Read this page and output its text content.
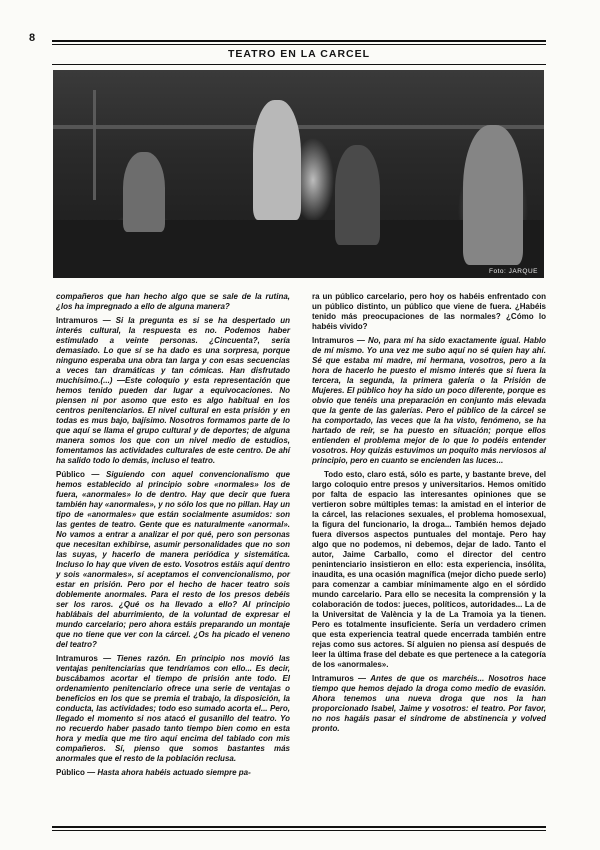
8
TEATRO EN LA CARCEL
Foto: JARQUE

compañeros que han hecho algo que se sale de la rutina, ¿los ha impregnado a ello de alguna manera?

Intramuros — Si la pregunta es si se ha despertado un interés cultural, la respuesta es no. Podemos haber estimulado a veinte personas. ¿Cincuenta?, sería demasiado. Lo que sí se ha dado es una sorpresa, porque ninguno esperaba una obra tan larga y con esas secuencias a veces tan dramáticas y tan cómicas. Han disfrutado muchísimo.(...) —Este coloquio y esta representación que hemos tenido pueden dar lugar a equivocaciones. No piensen ni por asomo que esto es algo habitual en los centros penitenciarios. El nivel cultural en esta prisión y en todas es mus bajo, bajísimo. Nosotros formamos parte de lo que aquí se llama el grupo cultural y de deportes; de alguna manera somos los que con un nivel medio de estudios, fomentamos las actividades culturales de este centro. De ahí ha salido todo lo demás, incluso el teatro.

Público — Siguiendo con aquel convencionalismo que hemos establecido al principio sobre «normales» los de fuera, «anormales» lo de dentro. Hay que decir que fuera también hay «anormales», y no sólo los que no pillan. Hay un tipo de «anormales» que están socialmente asumidos: son las gentes de teatro. Gente que es naturalmente «anormal». No vamos a entrar a analizar el por qué, pero son personas que necesitan exhibirse, asumir personalidades que no son las suyas, y hacerlo de manera periódica y sistemática. Incluso lo hay que viven de esto. Vosotros estáis aquí dentro y sois «anormales», sí aceptamos el convencionalismo, por estar en prisión. Pero por el hecho de hacer teatro sois doblemente anormales. Para el resto de los presos debéis ser los raros. ¿Qué os ha llevado a ello? Al principio hablábais del aburrimiento, de la voluntad de expresar el mundo carcelario; pero ahora estáis preparando un montaje que no tiene que ver con la cárcel. ¿Os ha picado el veneno del teatro?

Intramuros — Tienes razón. En principio nos movió las ventajas penitenciarias que tendríamos con ello... Es decir, buscábamos acortar el tiempo de prisión ante todo. El ordenamiento penitenciario ofrece una serie de ventajas o beneficios en los que se premia el trabajo, la disposición, la conducta, las actividades; todo eso sumado acorta el... Pero, llegado el momento si nos atacó el gusanillo del teatro. Yo no recuerdo haber pasado tanto tiempo bien como en esta hora y media que me tiro aquí encima del tablado con mis compañeros. Sí, pienso que somos bastantes más anormales que el resto de la población reclusa.

Público — Hasta ahora habéis actuado siempre pa-

ra un público carcelario, pero hoy os habéis enfrentado con un público distinto, un público que viene de fuera. ¿Habéis tenido más preocupaciones de las normales? ¿Cómo lo habéis vivido?

Intramuros — No, para mí ha sido exactamente igual. Hablo de mí mismo. Yo una vez me subo aquí no sé quien hay ahí. Sé que estaba mi madre, mi hermana, vosotros, pero a la hora de hacerlo he puesto el mismo interés que si fuera la tercera, la segunda, la primera galería o la Prisión de Mujeres. El público hoy ha sido un poco diferente, porque es obvio que tenéis una preparación en conjunto más elevada que la gente de las galerías. Pero el público de la cárcel se ha comportado, las veces que la ha visto, fenómeno, se ha hartado de reír, se ha puesto en situación; porque ellos entienden el problema mejor de lo que lo podéis entender vosotros. Hoy quizás estuvimos un poquito más nerviosos al principio, pero en cuanto se encienden las luces...

Todo esto, claro está, sólo es parte, y bastante breve, del largo coloquio entre presos y universitarios. Hemos omitido por falta de espacio las interesantes opiniones que se vertieron sobre múltiples temas: la amistad en el interior de la cárcel, las relaciones sexuales, el problema homosexual, la figura del funcionario, la droga... También hemos dejado fuera diversos aspectos puntuales del montaje. Pero hay algo que no podemos, ni debemos, dejar de lado. Tanto el autor, Jaime Carballo, como el director del centro penintenciario insistieron en ello: esta experiencia, insólita, inaudita, es una ocasión magnífica (mejor dicho puede serlo) para comenzar a cambiar mínimamente algo en el sórdido mundo carcelario. Para ello se necesita la comprensión y la colaboración de todos: jueces, políticos, autoridades... La de la Universitat de València y la de La Tramoia ya la tienen. Pero es totalmente insuficiente. Sería un verdadero crimen que esta experiencia teatral quede encerrada también entre rejas como sus actores. Sí alguien no piensa así después de leer la última frase del debate es que pertenece a la categoría de los «anormales».

Intramuros — Antes de que os marchéis... Nosotros hace tiempo que hemos dejado la droga como medio de evasión. Ahora tenemos una nueva droga que nos la han proporcionado Isabel, Jaime y vosotros: el teatro. Por favor, no nos hagáis pasar el síndrome de abstinencia y volved pronto.
